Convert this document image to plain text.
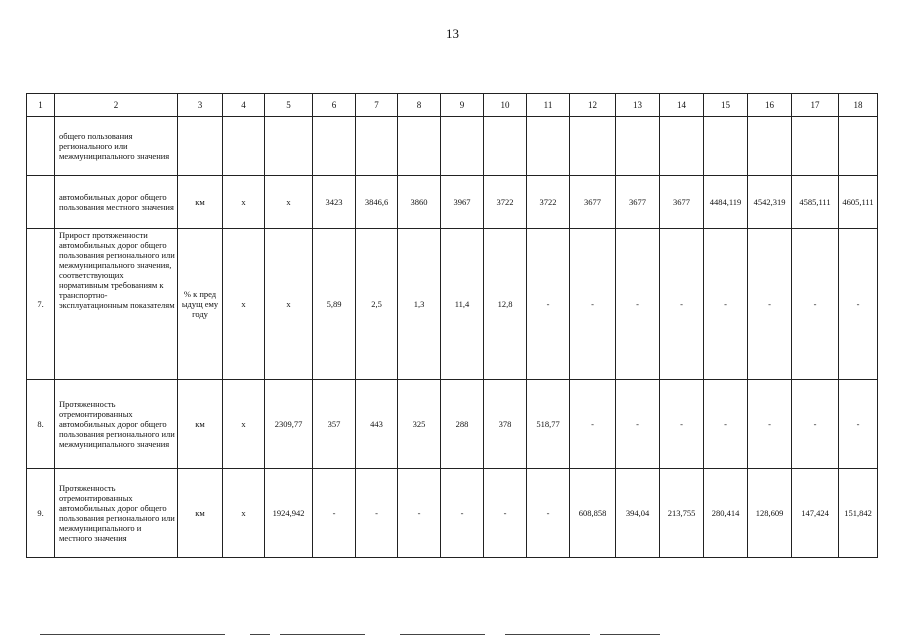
13
1	2	3	4	5	6	7	8	9	10	11	12	13	14	15	16	17	18
	общего пользования регионального или межмуниципального значения																
	автомобильных дорог общего пользования местного значения	км	x	x	3423	3846,6	3860	3967	3722	3722	3677	3677	3677	4484,119	4542,319	4585,111	4605,111
7.	Прирост протяженности автомобильных дорог общего пользования регионального или межмуниципального значения, соответствующих нормативным требованиям к транспортно-эксплуатационным показателям	% к пред ыдущ ему году	x	x	5,89	2,5	1,3	11,4	12,8	-	-	-	-	-	-	-	-
8.	Протяженность отремонтированных автомобильных дорог общего пользования регионального или межмуниципального значения	км	x	2309,77	357	443	325	288	378	518,77	-	-	-	-	-	-	-
9.	Протяженность отремонтированных автомобильных дорог общего пользования регионального или межмуниципального и местного значения	км	x	1924,942	-	-	-	-	-	-	608,858	394,04	213,755	280,414	128,609	147,424	151,842
